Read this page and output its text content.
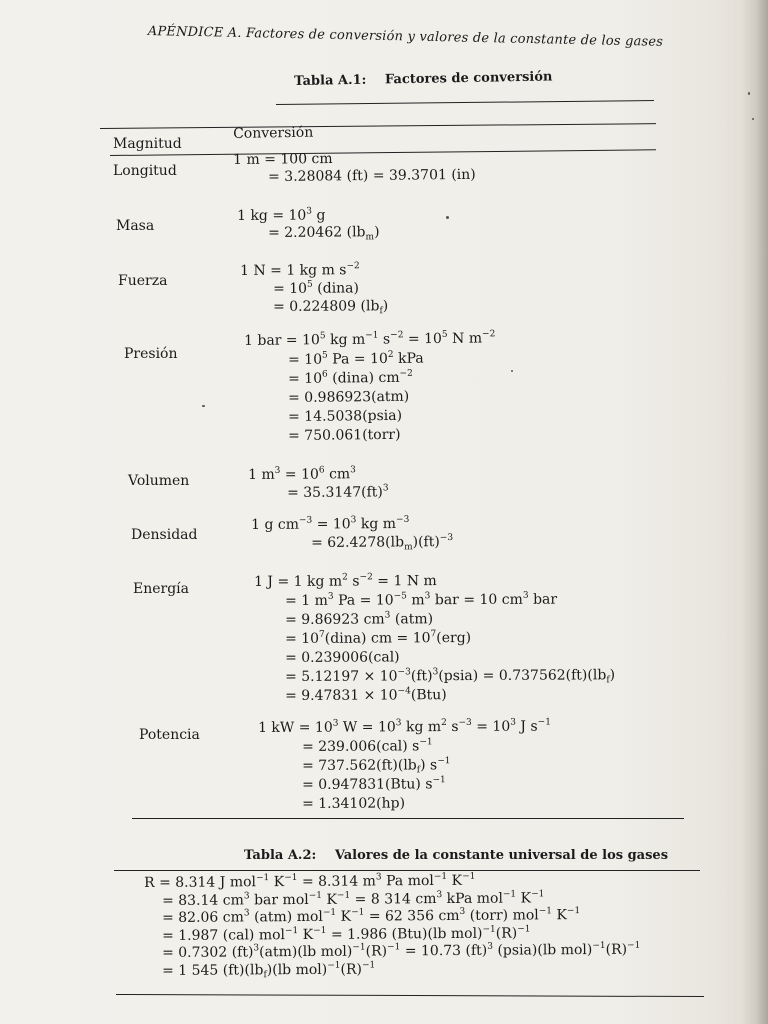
APÉNDICE A. Factores de conversión y valores de la constante de los gases
Tabla A.1: Factores de conversión
Magnitud
Conversión
Longitud
1 m = 100 cm
= 3.28084 (ft) = 39.3701 (in)
Masa
1 kg = $10^3$ g
= 2.20462 $(lb_m)$
Fuerza
1 N = 1 kg m $s^{-2}$
= $10^5$ (dina)
= 0.224809 $(lb_f)$
Presión
1 bar = $10^5$ kg $m^{-1}$ $s^{-2} = 10^5$ N $m^{-2}$
= $10^5$ $Pa = 10^2$ kPa
= $10^6$ (dina) $cm^{-2}$
= 0.986923(atm)
= 14.5038(psia)
= 750.061(torr)
Volumen	1 $m^3 = 10^6$ $cm^3$
= 35.3147(ft)$^3$
Densidad
1 g $cm^{-3} = 10^3$ kg $m^{-3}$
= $62.4278(lb_m)(ft)^{-3}$
Energía	1 J = 1 kg $m^2$ $s^{-2} = 1$ N m
= 1 $m^3$ $Pa = 10^{-5}$ $m^3$ bar = 10 $cm^3$ bar
= 9.86923 $cm^3$ (atm)
= $10^7(dina)$ cm = $10^7(erg)$
= 0.239006(cal)
= $5.12197 \times 10^{-3}(ft)^3(psia) = 0.737562(ft)(lb_f)$
= $9.47831 \times 10^{-4}(Btu)$
Potencia	1 kW = $10^3$ $W = 10^3$ kg $m^2$ $s^{-3} = 10^3$ J $s^{-1}$
= 239.006(cal) $s^{-1}$
= $737.562(ft)(lb_f)$ $s^{-1}$
= 0.947831(Btu) $s^{-1}$
= 1.34102(hp)
Tabla A.2: Valores de la constante universal de los gases
R = 8.314 J mol$^{-1}$ $K^{-1} = 8.314$ $m^3$ Pa mol$^{-1}$ $K^{-1}$
= 83.14 $cm^3$ bar mol$^{-1}$ $K^{-1} = 8$ 314 $cm^3$ kPa mol$^{-1}$ $K^{-1}$
= 82.06 $cm^3$ (atm) mol$^{-1}$ $K^{-1} = 62$ 356 $cm^3$ (torr) mol$^{-1}$ $K^{-1}$
= 1.987 (cal) mol$^{-1}$ $K^{-1} = 1.986$ (Btu)(lb $mol)^{-1}(R)^{-1}$
= 0.7302 (ft)$^3$(atm)(lb $mol)^{-1}(R)^{-1} = 10.73$ (ft)$^3$ (psia)(lb $mol)^{-1}(R)^{-1}$
= 1 545 $(ft)(lb_f)(lb$ $mol)^{-1}(R)^{-1}$
